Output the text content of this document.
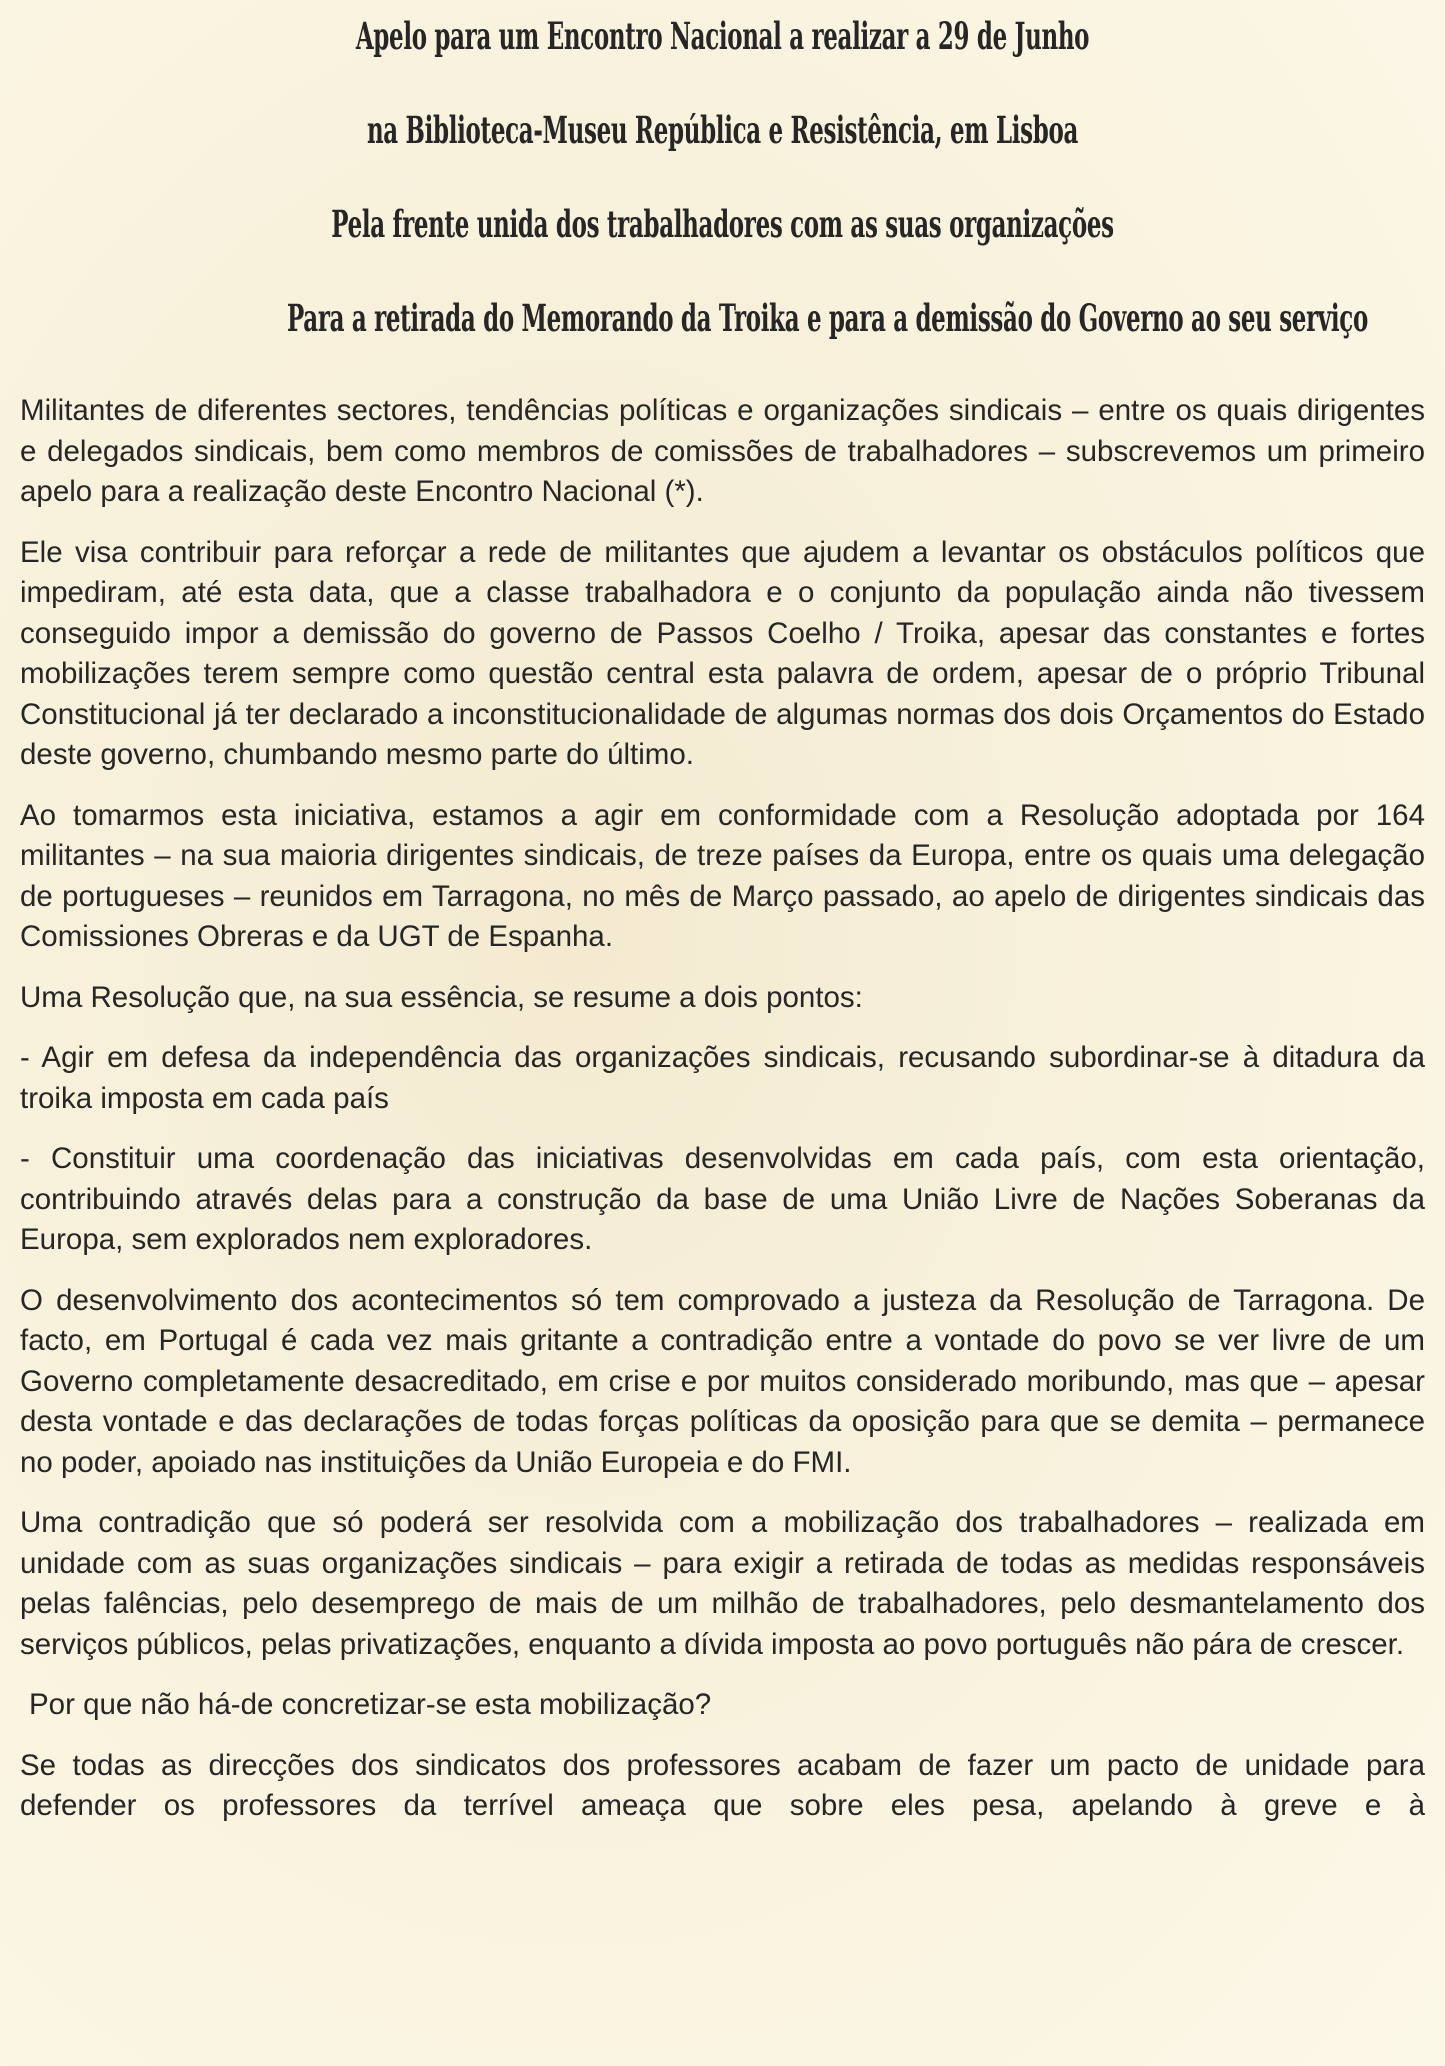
Apelo para um Encontro Nacional a realizar a 29 de Junho
na Biblioteca-Museu República e Resistência, em Lisboa
Pela frente unida dos trabalhadores com as suas organizações
Para a retirada do Memorando da Troika e para a demissão do Governo ao seu serviço

Militantes de diferentes sectores, tendências políticas e organizações sindicais – entre os quais dirigentes e delegados sindicais, bem como membros de comissões de trabalhadores – subscrevemos um primeiro apelo para a realização deste Encontro Nacional (*).

Ele visa contribuir para reforçar a rede de militantes que ajudem a levantar os obstáculos políticos que impediram, até esta data, que a classe trabalhadora e o conjunto da população ainda não tivessem conseguido impor a demissão do governo de Passos Coelho / Troika, apesar das constantes e fortes mobilizações terem sempre como questão central esta palavra de ordem, apesar de o próprio Tribunal Constitucional já ter declarado a inconstitucionalidade de algumas normas dos dois Orçamentos do Estado deste governo, chumbando mesmo parte do último.

Ao tomarmos esta iniciativa, estamos a agir em conformidade com a Resolução adoptada por 164 militantes – na sua maioria dirigentes sindicais, de treze países da Europa, entre os quais uma delegação de portugueses – reunidos em Tarragona, no mês de Março passado, ao apelo de dirigentes sindicais das Comissiones Obreras e da UGT de Espanha.

Uma Resolução que, na sua essência, se resume a dois pontos:

- Agir em defesa da independência das organizações sindicais, recusando subordinar-se à ditadura da troika imposta em cada país

- Constituir uma coordenação das iniciativas desenvolvidas em cada país, com esta orientação, contribuindo através delas para a construção da base de uma União Livre de Nações Soberanas da Europa, sem explorados nem exploradores.

O desenvolvimento dos acontecimentos só tem comprovado a justeza da Resolução de Tarragona. De facto, em Portugal é cada vez mais gritante a contradição entre a vontade do povo se ver livre de um Governo completamente desacreditado, em crise e por muitos considerado moribundo, mas que – apesar desta vontade e das declarações de todas forças políticas da oposição para que se demita – permanece no poder, apoiado nas instituições da União Europeia e do FMI.

Uma contradição que só poderá ser resolvida com a mobilização dos trabalhadores – realizada em unidade com as suas organizações sindicais – para exigir a retirada de todas as medidas responsáveis pelas falências, pelo desemprego de mais de um milhão de trabalhadores, pelo desmantelamento dos serviços públicos, pelas privatizações, enquanto a dívida imposta ao povo português não pára de crescer.

Por que não há-de concretizar-se esta mobilização?

Se todas as direcções dos sindicatos dos professores acabam de fazer um pacto de unidade para defender os professores da terrível ameaça que sobre eles pesa, apelando à greve e à
